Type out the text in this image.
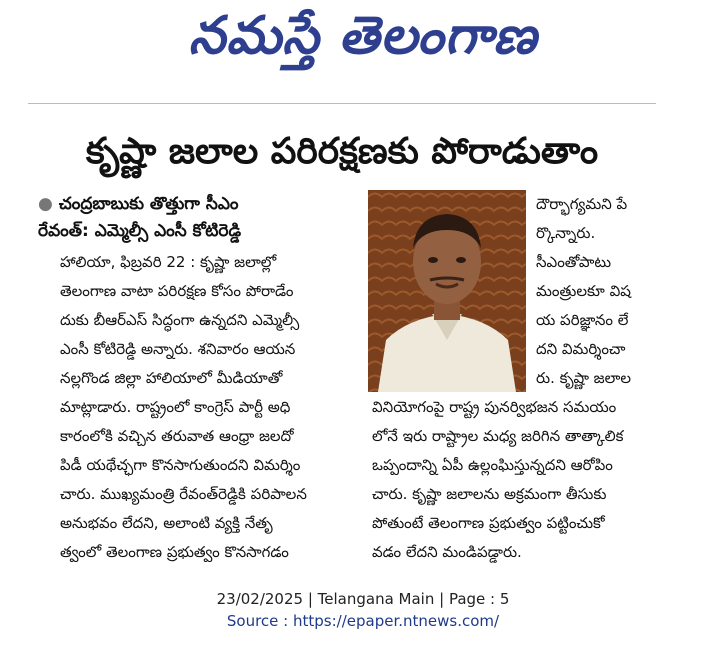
నమస్తే తెలంగాణ
కృష్ణా జలాల పరిరక్షణకు పోరాడుతాం
● చంద్రబాబుకు తొత్తుగా సీఎం
రేవంత్: ఎమ్మెల్సీ ఎంసీ కోటిరెడ్డి
హాలియా, ఫిబ్రవరి 22 : కృష్ణా జలాల్లో
తెలంగాణ వాటా పరిరక్షణ కోసం పోరాడేం
దుకు బీఆర్ఎస్ సిద్ధంగా ఉన్నదని ఎమ్మెల్సీ
ఎంసీ కోటిరెడ్డి అన్నారు. శనివారం ఆయన
నల్లగొండ జిల్లా హాలియాలో మీడియాతో
మాట్లాడారు. రాష్ట్రంలో కాంగ్రెస్ పార్టీ అధి
కారంలోకి వచ్చిన తరువాత ఆంధ్రా జలదో
పిడీ యథేచ్ఛగా కొనసాగుతుందని విమర్శిం
చారు. ముఖ్యమంత్రి రేవంత్‌రెడ్డికి పరిపాలన
అనుభవం లేదని, అలాంటి వ్యక్తి నేతృ
త్వంలో తెలంగాణ ప్రభుత్వం కొనసాగడం
దౌర్భాగ్యమని పే
ర్కొన్నారు.
సీఎంతోపాటు
మంత్రులకూ విష
య పరిజ్ఞానం లే
దని విమర్శించా
రు. కృష్ణా జలాల
వినియోగంపై రాష్ట్ర పునర్విభజన సమయం
లోనే ఇరు రాష్ట్రాల మధ్య జరిగిన తాత్కాలిక
ఒప్పందాన్ని ఏపీ ఉల్లంఘిస్తున్నదని ఆరోపిం
చారు. కృష్ణా జలాలను అక్రమంగా తీసుకు
పోతుంటే తెలంగాణ ప్రభుత్వం పట్టించుకో
వడం లేదని మండిపడ్డారు.
23/02/2025 | Telangana Main | Page : 5
Source : https://epaper.ntnews.com/
